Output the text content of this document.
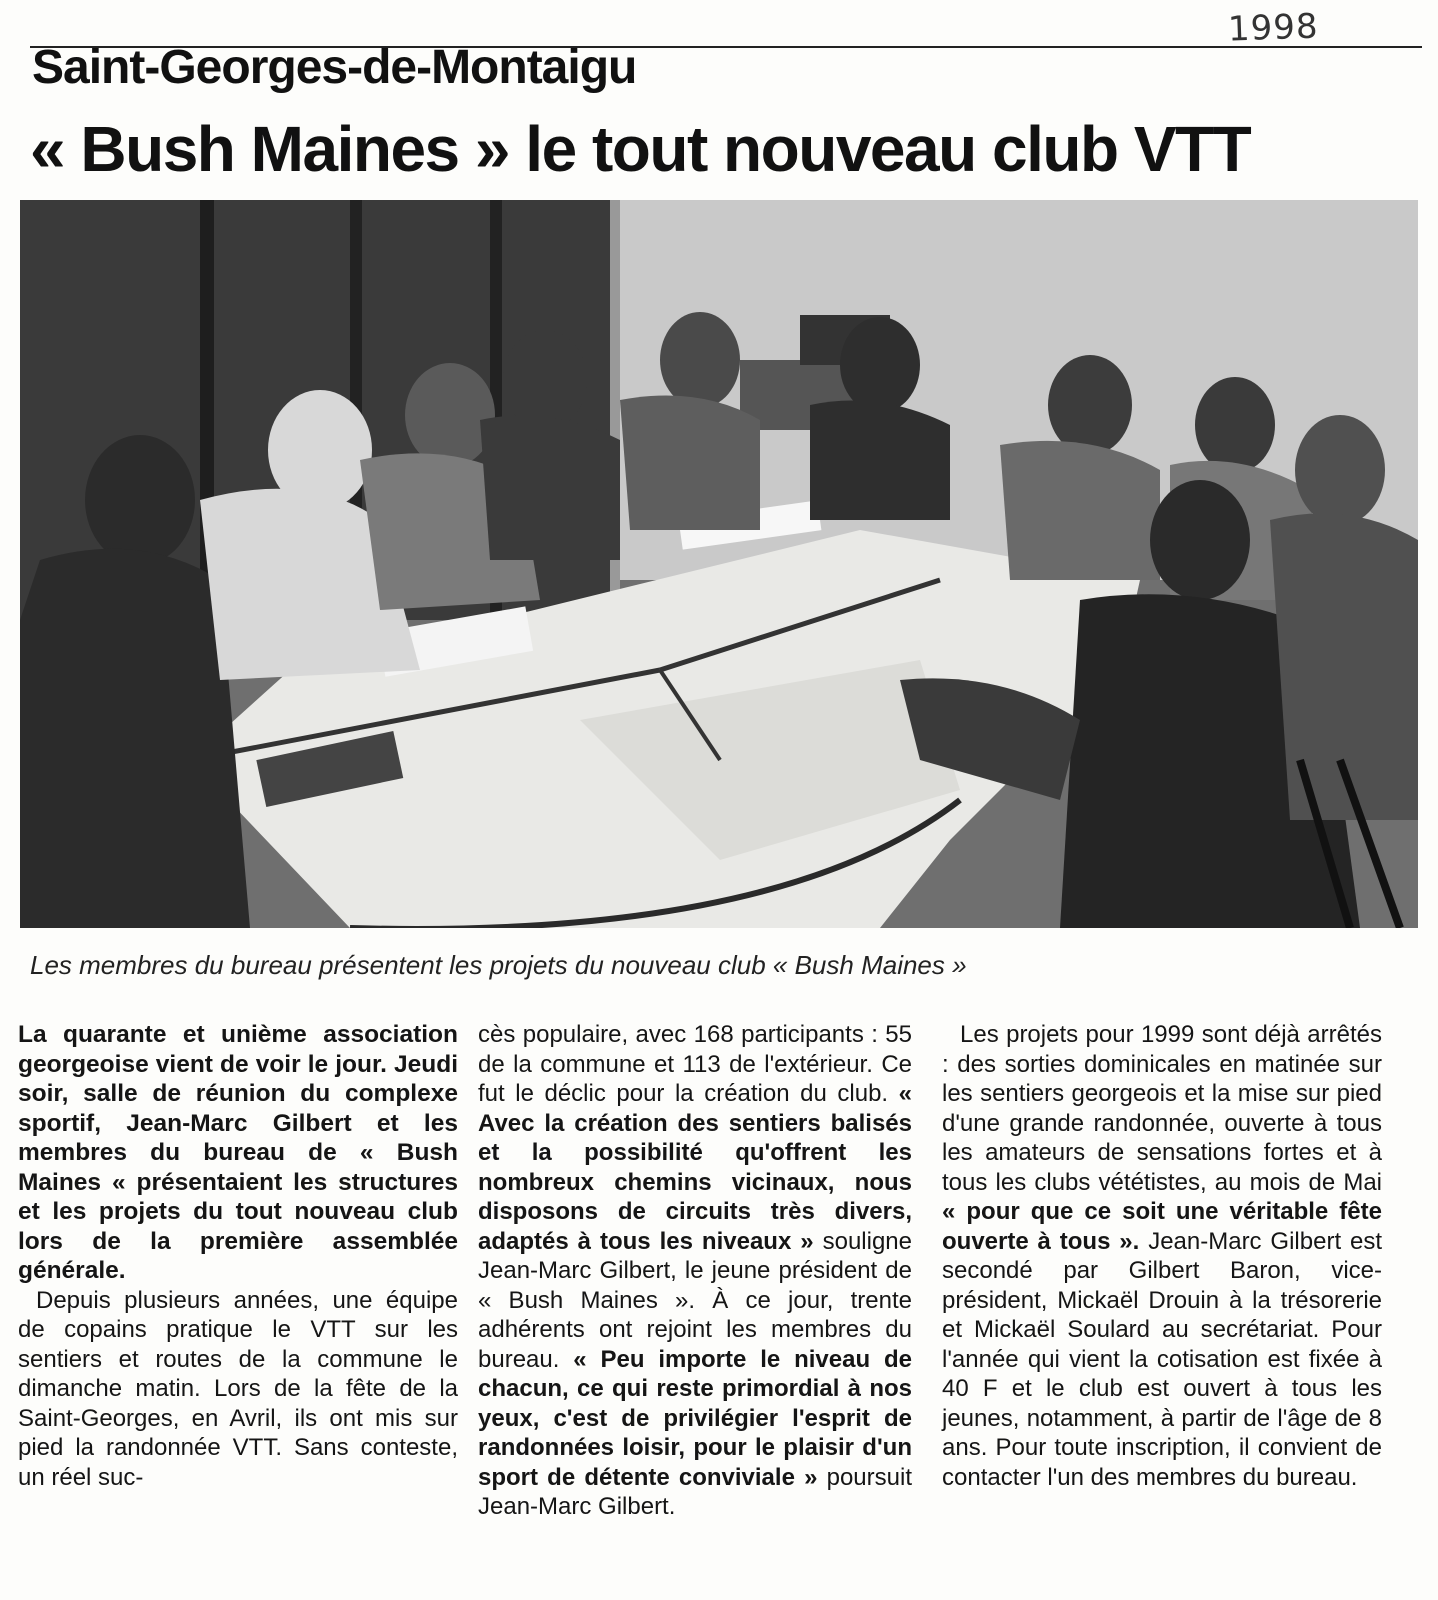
1998
Saint-Georges-de-Montaigu
« Bush Maines » le tout nouveau club VTT
Les membres du bureau présentent les projets du nouveau club « Bush Maines »

La quarante et unième association georgeoise vient de voir le jour. Jeudi soir, salle de réunion du complexe sportif, Jean-Marc Gilbert et les membres du bureau de « Bush Maines « présentaient les structures et les projets du tout nouveau club lors de la première assemblée générale.

Depuis plusieurs années, une équipe de copains pratique le VTT sur les sentiers et routes de la commune le dimanche matin. Lors de la fête de la Saint-Georges, en Avril, ils ont mis sur pied la randonnée VTT. Sans conteste, un réel suc-

cès populaire, avec 168 participants : 55 de la commune et 113 de l'extérieur. Ce fut le déclic pour la création du club. « Avec la création des sentiers balisés et la possibilité qu'offrent les nombreux chemins vicinaux, nous disposons de circuits très divers, adaptés à tous les niveaux » souligne Jean-Marc Gilbert, le jeune président de « Bush Maines ». À ce jour, trente adhérents ont rejoint les membres du bureau. « Peu importe le niveau de chacun, ce qui reste primordial à nos yeux, c'est de privilégier l'esprit de randonnées loisir, pour le plaisir d'un sport de détente conviviale » poursuit Jean-Marc Gilbert.

Les projets pour 1999 sont déjà arrêtés : des sorties dominicales en matinée sur les sentiers georgeois et la mise sur pied d'une grande randonnée, ouverte à tous les amateurs de sensations fortes et à tous les clubs vététistes, au mois de Mai « pour que ce soit une véritable fête ouverte à tous ». Jean-Marc Gilbert est secondé par Gilbert Baron, vice-président, Mickaël Drouin à la trésorerie et Mickaël Soulard au secrétariat. Pour l'année qui vient la cotisation est fixée à 40 F et le club est ouvert à tous les jeunes, notamment, à partir de l'âge de 8 ans. Pour toute inscription, il convient de contacter l'un des membres du bureau.
